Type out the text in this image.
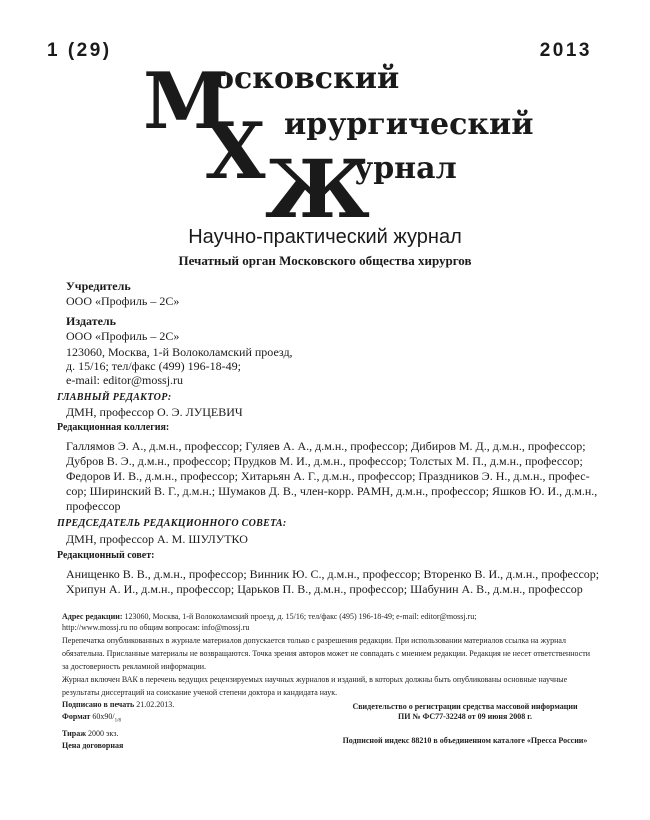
1 (29)	2013
М
осковский
Х ирургический
Ж
урнал
Научно-практический журнал
Печатный орган Московского общества хирургов
Учредитель
ООО «Профиль – 2С»
Издатель
ООО «Профиль – 2С»
123060, Москва, 1-й Волоколамский проезд,
д. 15/16; тел/факс (499) 196-18-49;
e-mail: editor@mossj.ru
ГЛАВНЫЙ РЕДАКТОР:
ДМН, профессор О. Э. ЛУЦЕВИЧ
Редакционная коллегия:
Галлямов Э. А., д.м.н., профессор; Гуляев А. А., д.м.н., профессор; Дибиров М. Д., д.м.н., профессор;
Дубров В. Э., д.м.н., профессор; Прудков М. И., д.м.н., профессор; Толстых М. П., д.м.н., профессор;
Федоров И. В., д.м.н., профессор; Хитарьян А. Г., д.м.н., профессор; Праздников Э. Н., д.м.н., профес-
сор; Ширинский В. Г., д.м.н.; Шумаков Д. В., член-корр. РАМН, д.м.н., профессор; Яшков Ю. И., д.м.н.,
профессор
ПРЕДСЕДАТЕЛЬ РЕДАКЦИОННОГО СОВЕТА:
ДМН, профессор А. М. ШУЛУТКО
Редакционный совет:
Анищенко В. В., д.м.н., профессор; Винник Ю. С., д.м.н., профессор; Вторенко В. И., д.м.н., профессор;
Хрипун А. И., д.м.н., профессор; Царьков П. В., д.м.н., профессор; Шабунин А. В., д.м.н., профессор
Адрес редакции: 123060, Москва, 1-й Волоколамский проезд, д. 15/16; тел/факс (495) 196-18-49; e-mail: editor@mossj.ru;
http://www.mossj.ru по общим вопросам: info@mossj.ru
Перепечатка опубликованных в журнале материалов допускается только с разрешения редакции. При использовании материалов ссылка на журнал
обязательна. Присланные материалы не возвращаются. Точка зрения авторов может не совпадать с мнением редакции. Редакция не несет ответственности
за достоверность рекламной информации.
Журнал включен ВАК в перечень ведущих рецензируемых научных журналов и изданий, в которых должны быть опубликованы основные научные
результаты диссертаций на соискание ученой степени доктора и кандидата наук.
Подписано в печать 21.02.2013.
Формат $60х90/_{1/8}$
Тираж 2000 экз.
Цена договорная
Свидетельство о регистрации средства массовой информации
ПИ № ФС77-32248 от 09 июня 2008 г.
Подписной индекс 88210 в объединенном каталоге «Пресса России»
